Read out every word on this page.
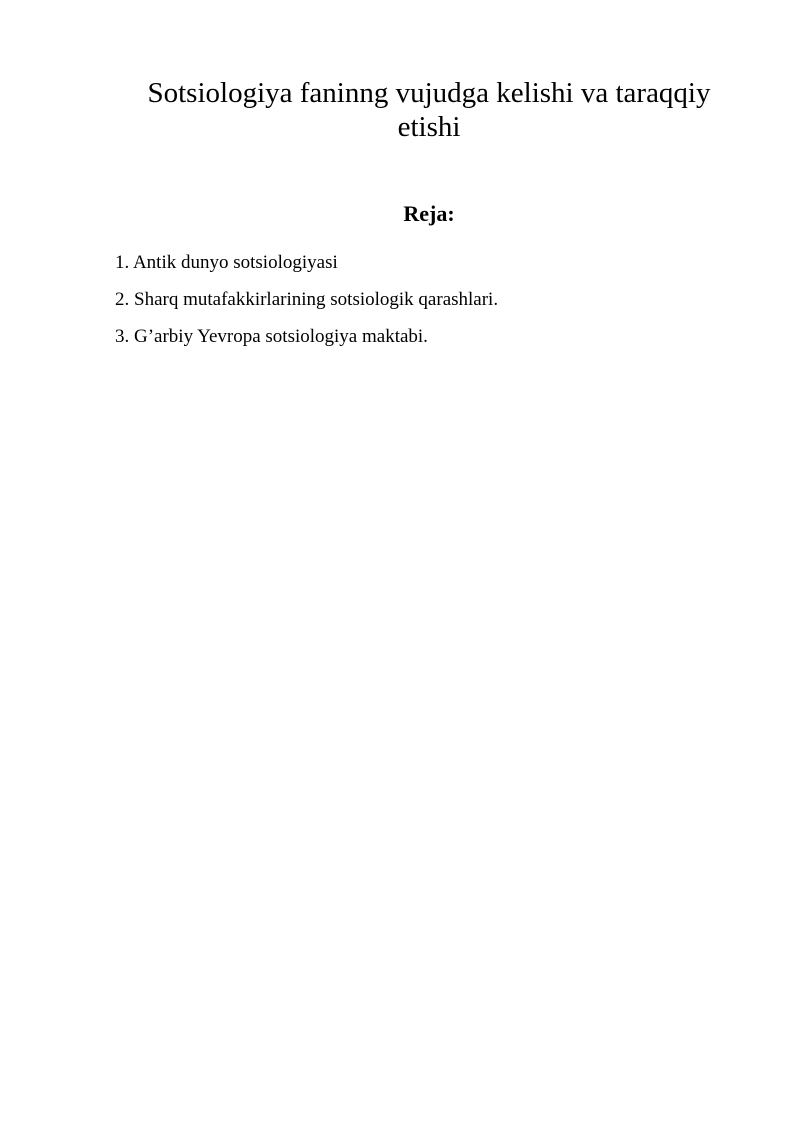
Sotsiologiya faninng vujudga kelishi va taraqqiy
etishi
Reja:
1. Antik dunyo sotsiologiyasi
2. Sharq mutafakkirlarining sotsiologik qarashlari.
3. G’arbiy Yevropa sotsiologiya maktabi.
